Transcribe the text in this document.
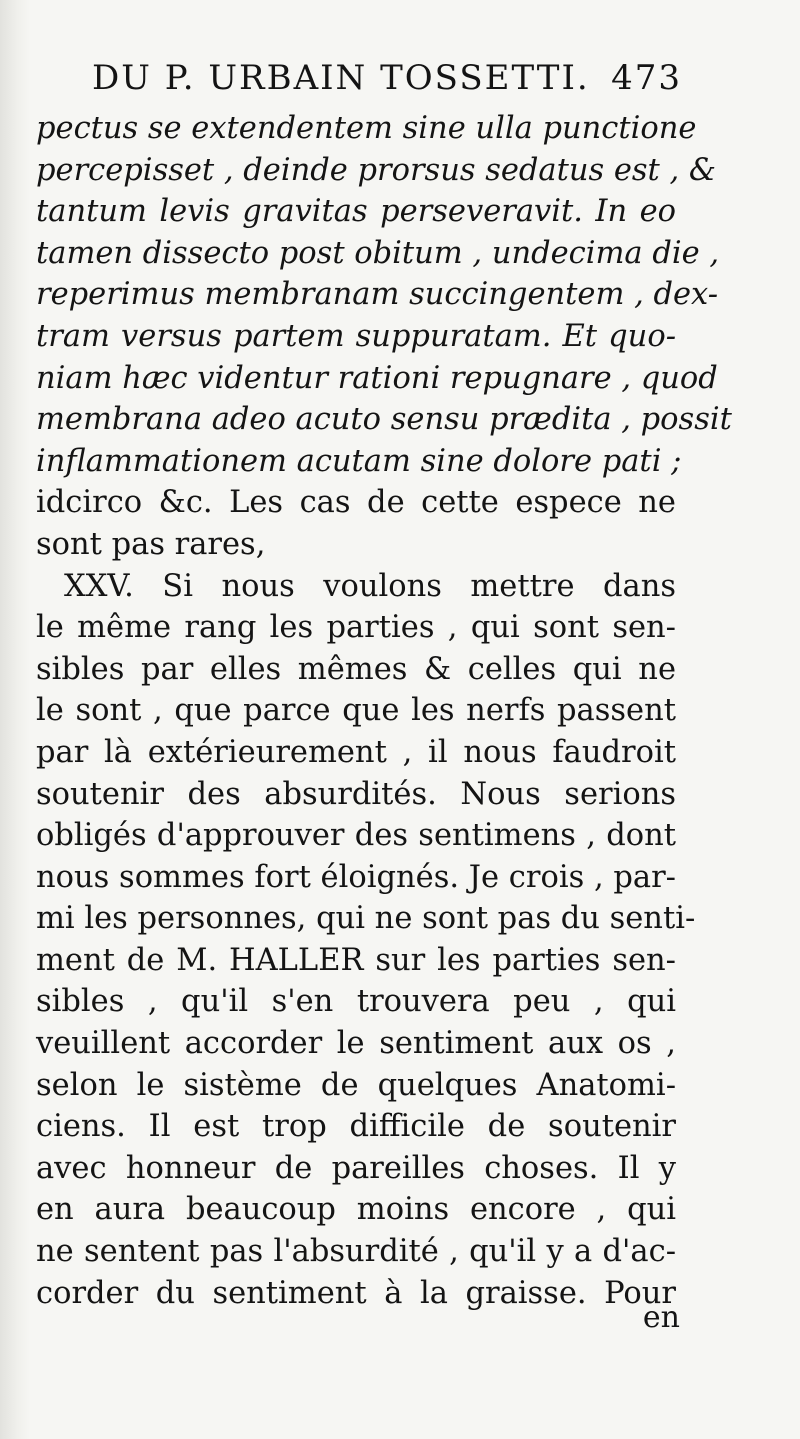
DU P. URBAIN TOSSETTI. 473
pectus se extendentem sine ulla punctione
percepisset , deinde prorsus sedatus est , &
tantum levis gravitas perseveravit. In eo
tamen dissecto post obitum , undecima die ,
reperimus membranam succingentem , dex-
tram versus partem suppuratam. Et quo-
niam hæc videntur rationi repugnare , quod
membrana adeo acuto sensu prædita , possit
inflammationem acutam sine dolore pati ;
idcirco &c. Les cas de cette espece ne
sont pas rares,
XXV. Si nous voulons mettre dans
le même rang les parties , qui sont sen-
sibles par elles mêmes & celles qui ne
le sont , que parce que les nerfs passent
par là extérieurement , il nous faudroit
soutenir des absurdités. Nous serions
obligés d'approuver des sentimens , dont
nous sommes fort éloignés. Je crois , par-
mi les personnes, qui ne sont pas du senti-
ment de M. HALLER sur les parties sen-
sibles , qu'il s'en trouvera peu , qui
veuillent accorder le sentiment aux os ,
selon le sistème de quelques Anatomi-
ciens. Il est trop difficile de soutenir
avec honneur de pareilles choses. Il y
en aura beaucoup moins encore , qui
ne sentent pas l'absurdité , qu'il y a d'ac-
corder du sentiment à la graisse. Pour
en
